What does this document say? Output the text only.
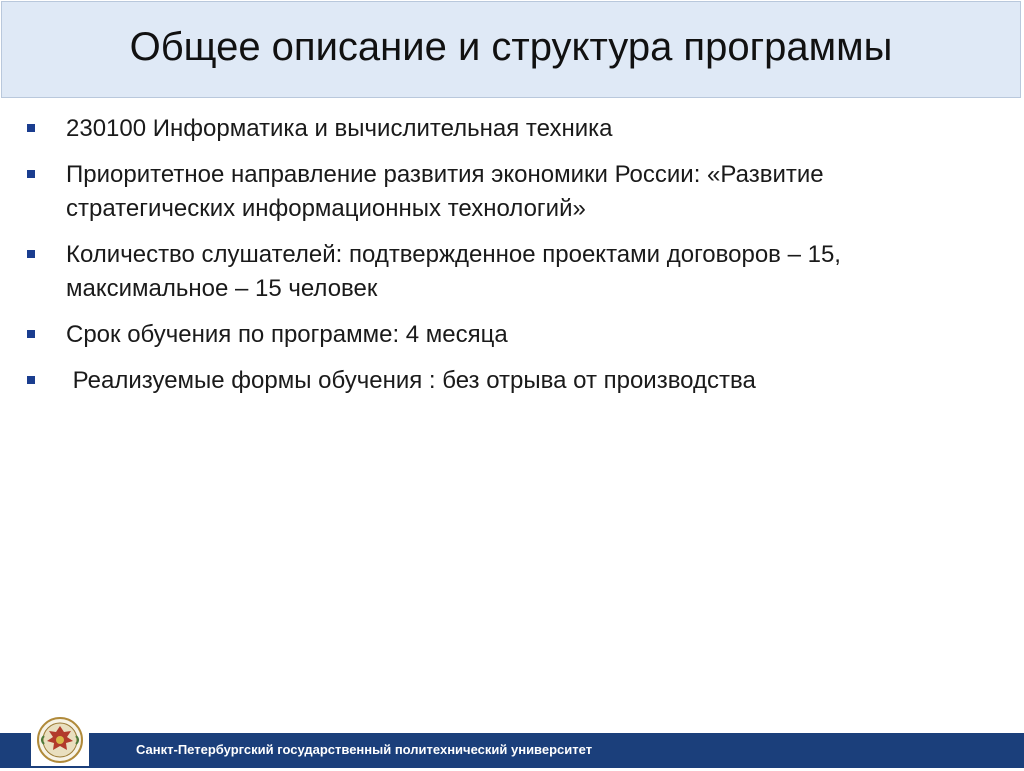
Общее описание и структура программы
230100 Информатика и вычислительная техника
Приоритетное направление развития экономики России: «Развитие стратегических информационных технологий»
Количество слушателей: подтвержденное проектами договоров – 15, максимальное – 15 человек
Срок обучения по программе: 4 месяца
Реализуемые формы обучения : без отрыва от производства
Санкт-Петербургский государственный политехнический университет
